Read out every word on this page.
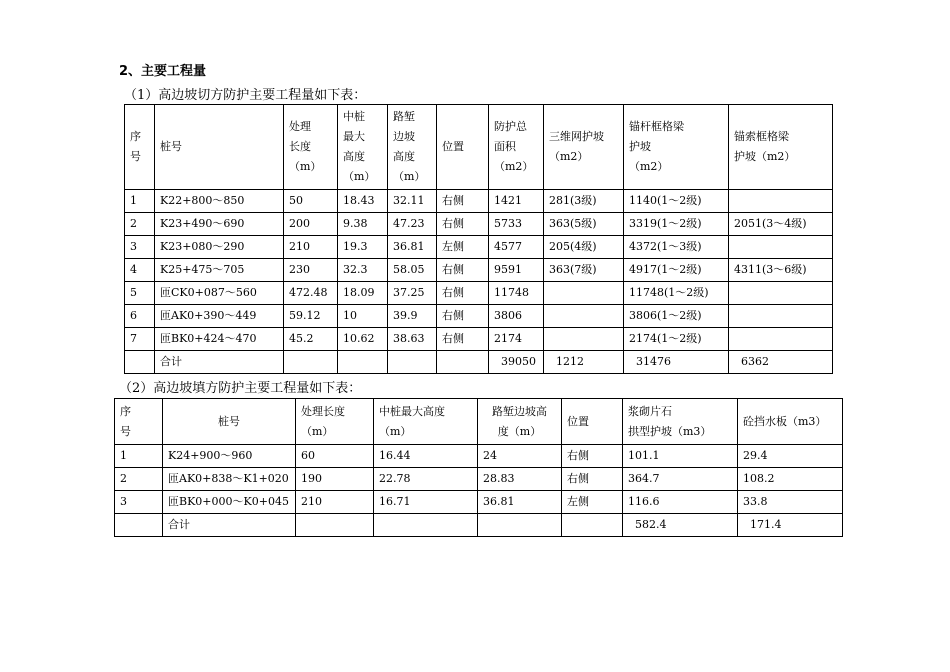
2、主要工程量
（1）高边坡切方防护主要工程量如下表：
序
号	桩号	处理
长度
（m）	中桩
最大
高度
（m）	路堑
边坡
高度
（m）	位置	防护总
面积
（m2）	三维网护坡
（m2）	锚杆框格梁
护坡
（m2）	锚索框格梁
护坡（m2）
1	K22+800～850	50	18.43	32.11	右侧	1421	281(3级)	1140(1～2级)	
2	K23+490～690	200	9.38	47.23	右侧	5733	363(5级)	3319(1～2级)	2051(3～4级)
3	K23+080～290	210	19.3	36.81	左侧	4577	205(4级)	4372(1～3级)	
4	K25+475～705	230	32.3	58.05	右侧	9591	363(7级)	4917(1～2级)	4311(3～6级)
5	匝CK0+087～560	472.48	18.09	37.25	右侧	11748		11748(1～2级)	
6	匝AK0+390～449	59.12	10	39.9	右侧	3806		3806(1～2级)	
7	匝BK0+424～470	45.2	10.62	38.63	右侧	2174		2174(1～2级)	
	合计					39050	1212	31476	6362
（2）高边坡填方防护主要工程量如下表：
序
号	桩号	处理长度
（m）	中桩最大高度
（m）	路堑边坡高
度（m）	位置	浆砌片石
拱型护坡（m3）	砼挡水板（m3）
1	K24+900～960	60	16.44	24	右侧	101.1	29.4
2	匝AK0+838～K1+020	190	22.78	28.83	右侧	364.7	108.2
3	匝BK0+000～K0+045	210	16.71	36.81	左侧	116.6	33.8
	合计					582.4	171.4
